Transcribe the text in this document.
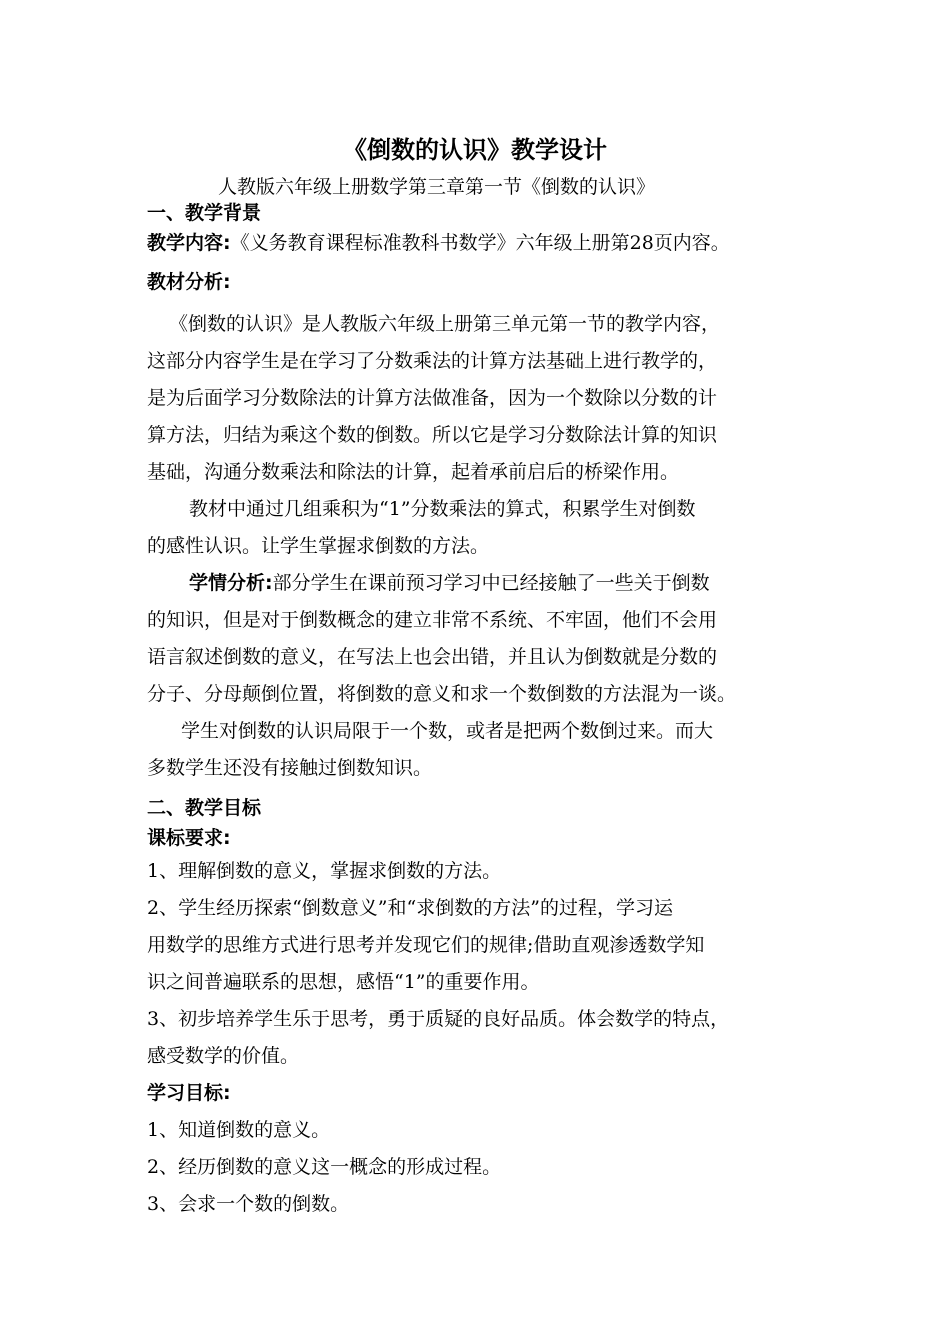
《倒数的认识》教学设计

人教版六年级上册数学第三章第一节《倒数的认识》

一、教学背景

教学内容:《义务教育课程标准教科书数学》六年级上册第28页内容。

教材分析:

《倒数的认识》是人教版六年级上册第三单元第一节的教学内容，

这部分内容学生是在学习了分数乘法的计算方法基础上进行教学的，

是为后面学习分数除法的计算方法做准备，因为一个数除以分数的计

算方法，归结为乘这个数的倒数。所以它是学习分数除法计算的知识

基础，沟通分数乘法和除法的计算，起着承前启后的桥梁作用。

教材中通过几组乘积为“1”分数乘法的算式，积累学生对倒数

的感性认识。让学生掌握求倒数的方法。

学情分析:部分学生在课前预习学习中已经接触了一些关于倒数

的知识，但是对于倒数概念的建立非常不系统、不牢固，他们不会用

语言叙述倒数的意义，在写法上也会出错，并且认为倒数就是分数的

分子、分母颠倒位置，将倒数的意义和求一个数倒数的方法混为一谈。

学生对倒数的认识局限于一个数，或者是把两个数倒过来。而大

多数学生还没有接触过倒数知识。

二、教学目标

课标要求:

1、理解倒数的意义，掌握求倒数的方法。

2、学生经历探索“倒数意义”和“求倒数的方法”的过程，学习运

用数学的思维方式进行思考并发现它们的规律;借助直观渗透数学知

识之间普遍联系的思想，感悟“1”的重要作用。

3、初步培养学生乐于思考，勇于质疑的良好品质。体会数学的特点，

感受数学的价值。

学习目标:

1、知道倒数的意义。

2、经历倒数的意义这一概念的形成过程。

3、会求一个数的倒数。
